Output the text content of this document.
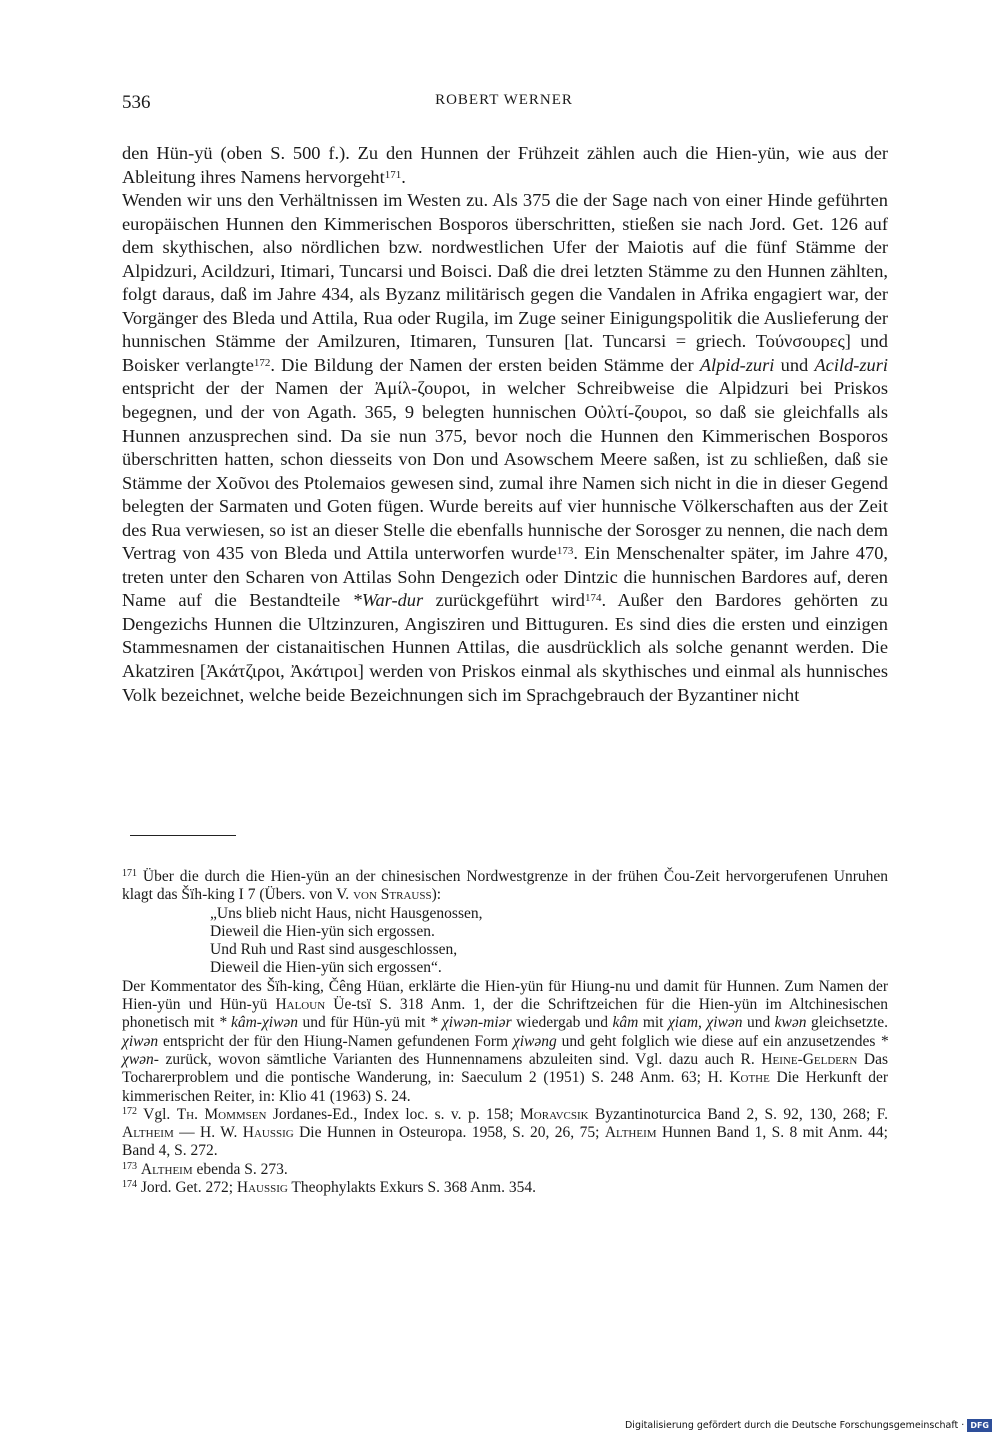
536	ROBERT WERNER

den Hün-yü (oben S. 500 f.). Zu den Hunnen der Frühzeit zählen auch die Hien-yün, wie aus der Ableitung ihres Namens hervorgeht$^{171}$.

Wenden wir uns den Verhältnissen im Westen zu. Als 375 die der Sage nach von einer Hinde geführten europäischen Hunnen den Kimmerischen Bosporos überschritten, stießen sie nach Jord. Get. 126 auf dem skythischen, also nördlichen bzw. nordwestlichen Ufer der Maiotis auf die fünf Stämme der Alpidzuri, Acildzuri, Itimari, Tuncarsi und Boisci. Daß die drei letzten Stämme zu den Hunnen zählten, folgt daraus, daß im Jahre 434, als Byzanz militärisch gegen die Vandalen in Afrika engagiert war, der Vorgänger des Bleda und Attila, Rua oder Rugila, im Zuge seiner Einigungspolitik die Auslieferung der hunnischen Stämme der Amilzuren, Itimaren, Tunsuren [lat. Tuncarsi = griech. Τούνσουρες] und Boisker verlangte$^{172}$. Die Bildung der Namen der ersten beiden Stämme der Alpid-zuri und Acild-zuri entspricht der der Namen der Ἀμίλ-ζουροι, in welcher Schreibweise die Alpidzuri bei Priskos begegnen, und der von Agath. 365, 9 belegten hunnischen Οὐλτί-ζουροι, so daß sie gleichfalls als Hunnen anzusprechen sind. Da sie nun 375, bevor noch die Hunnen den Kimmerischen Bosporos überschritten hatten, schon diesseits von Don und Asowschem Meere saßen, ist zu schließen, daß sie Stämme der Χοῦνοι des Ptolemaios gewesen sind, zumal ihre Namen sich nicht in die in dieser Gegend belegten der Sarmaten und Goten fügen. Wurde bereits auf vier hunnische Völkerschaften aus der Zeit des Rua verwiesen, so ist an dieser Stelle die ebenfalls hunnische der Sorosger zu nennen, die nach dem Vertrag von 435 von Bleda und Attila unterworfen wurde$^{173}$. Ein Menschenalter später, im Jahre 470, treten unter den Scharen von Attilas Sohn Dengezich oder Dintzic die hunnischen Bardores auf, deren Name auf die Bestandteile *War-dur zurückgeführt wird$^{174}$. Außer den Bardores gehörten zu Dengezichs Hunnen die Ultzinzuren, Angisziren und Bittuguren. Es sind dies die ersten und einzigen Stammesnamen der cistanaitischen Hunnen Attilas, die ausdrücklich als solche genannt werden. Die Akatziren [Ἀκάτζιροι, Ἀκάτιροι] werden von Priskos einmal als skythisches und einmal als hunnisches Volk bezeichnet, welche beide Bezeichnungen sich im Sprachgebrauch der Byzantiner nicht

$^{171}$ Über die durch die Hien-yün an der chinesischen Nordwestgrenze in der frühen Čou-Zeit hervorgerufenen Unruhen klagt das Šïh-king I 7 (Übers. von V. von Strauss):

„Uns blieb nicht Haus, nicht Hausgenossen,

Dieweil die Hien-yün sich ergossen.

Und Ruh und Rast sind ausgeschlossen,

Dieweil die Hien-yün sich ergossen“.

Der Kommentator des Šïh-king, Čêng Hüan, erklärte die Hien-yün für Hiung-nu und damit für Hunnen. Zum Namen der Hien-yün und Hün-yü Haloun Üe-tsï S. 318 Anm. 1, der die Schriftzeichen für die Hien-yün im Altchinesischen phonetisch mit * kâm-χiwən und für Hün-yü mit * χiwən-miər wiedergab und kâm mit χiam, χiwən und kwən gleichsetzte. χiwən entspricht der für den Hiung-Namen gefundenen Form χiwəng und geht folglich wie diese auf ein anzusetzendes * χwən- zurück, wovon sämtliche Varianten des Hunnennamens abzuleiten sind. Vgl. dazu auch R. Heine-Geldern Das Tocharerproblem und die pontische Wanderung, in: Saeculum 2 (1951) S. 248 Anm. 63; H. Kothe Die Herkunft der kimmerischen Reiter, in: Klio 41 (1963) S. 24.

$^{172}$ Vgl. Th. Mommsen Jordanes-Ed., Index loc. s. v. p. 158; Moravcsik Byzantinoturcica Band 2, S. 92, 130, 268; F. Altheim — H. W. Haussig Die Hunnen in Osteuropa. 1958, S. 20, 26, 75; Altheim Hunnen Band 1, S. 8 mit Anm. 44; Band 4, S. 272.

$^{173}$ Altheim ebenda S. 273.

$^{174}$ Jord. Get. 272; Haussig Theophylakts Exkurs S. 368 Anm. 354.

Digitalisierung gefördert durch die Deutsche Forschungsgemeinschaft · DFG
